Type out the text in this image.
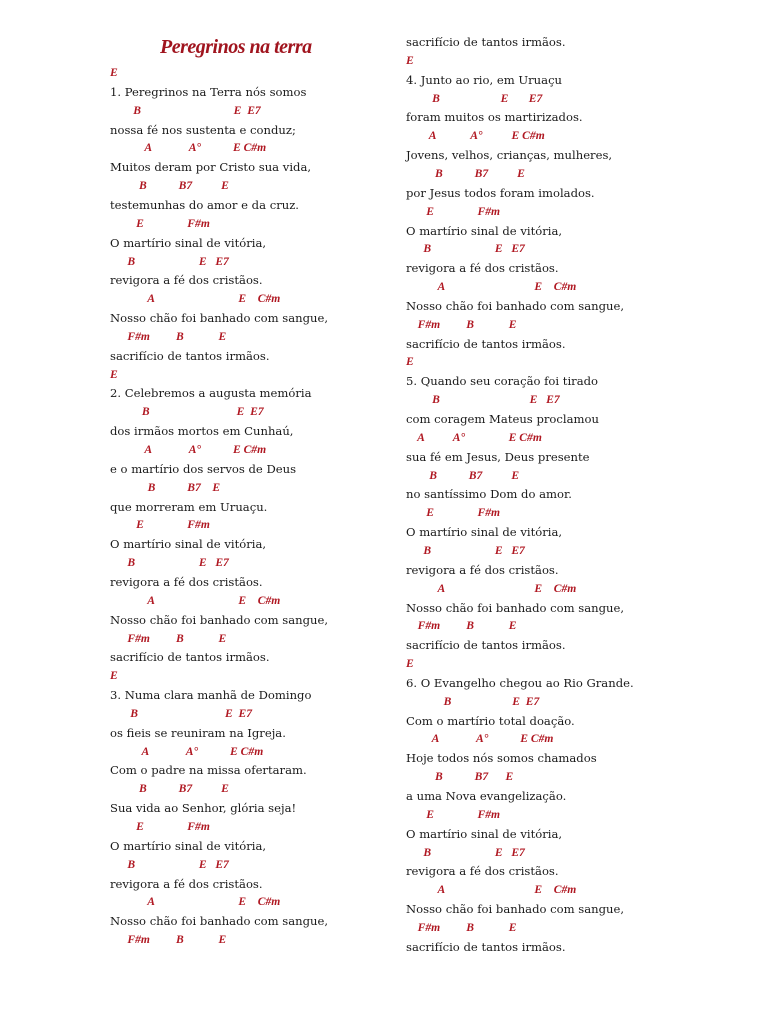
Peregrinos na terra
E
1. Peregrinos na Terra nós somos
B                                E  E7
nossa fé nos sustenta e conduz;
A             A°           E C#m
Muitos deram por Cristo sua vida,
B           B7          E
testemunhas do amor e da cruz.
E               F#m
O martírio sinal de vitória,
B                      E   E7
revigora a fé dos cristãos.
A                             E    C#m
Nosso chão foi banhado com sangue,
F#m         B            E
sacrifício de tantos irmãos.
E
2. Celebremos a augusta memória
B                              E  E7
dos irmãos mortos em Cunhaú,
A             A°           E C#m
e o martírio dos servos de Deus
B           B7    E
que morreram em Uruaçu.
E               F#m
O martírio sinal de vitória,
B                      E   E7
revigora a fé dos cristãos.
A                             E    C#m
Nosso chão foi banhado com sangue,
F#m         B            E
sacrifício de tantos irmãos.
E
3. Numa clara manhã de Domingo
B                              E  E7
os fieis se reuniram na Igreja.
A             A°           E C#m
Com o padre na missa ofertaram.
B           B7          E
Sua vida ao Senhor, glória seja!
E               F#m
O martírio sinal de vitória,
B                      E   E7
revigora a fé dos cristãos.
A                             E    C#m
Nosso chão foi banhado com sangue,
F#m         B            E
sacrifício de tantos irmãos.
E
4. Junto ao rio, em Uruaçu
B                     E       E7
foram muitos os martirizados.
A            A°          E C#m
Jovens, velhos, crianças, mulheres,
B           B7          E
por Jesus todos foram imolados.
E               F#m
O martírio sinal de vitória,
B                      E   E7
revigora a fé dos cristãos.
A                               E    C#m
Nosso chão foi banhado com sangue,
F#m         B            E
sacrifício de tantos irmãos.
E
5. Quando seu coração foi tirado
B                               E   E7
com coragem Mateus proclamou
A          A°               E C#m
sua fé em Jesus, Deus presente
B           B7          E
no santíssimo Dom do amor.
E               F#m
O martírio sinal de vitória,
B                      E   E7
revigora a fé dos cristãos.
A                               E    C#m
Nosso chão foi banhado com sangue,
F#m         B            E
sacrifício de tantos irmãos.
E
6. O Evangelho chegou ao Rio Grande.
B                     E  E7
Com o martírio total doação.
A             A°           E C#m
Hoje todos nós somos chamados
B           B7      E
a uma Nova evangelização.
E               F#m
O martírio sinal de vitória,
B                      E   E7
revigora a fé dos cristãos.
A                               E    C#m
Nosso chão foi banhado com sangue,
F#m         B            E
sacrifício de tantos irmãos.
